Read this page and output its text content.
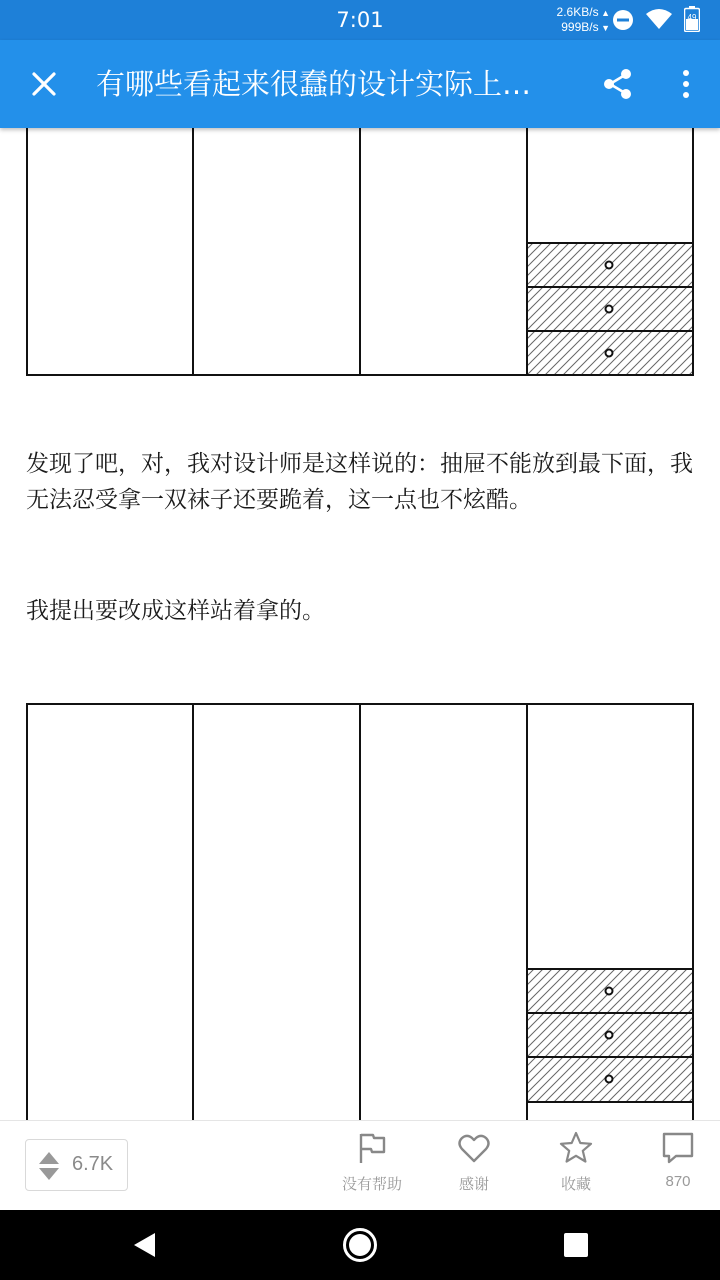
7:01	2.6KB/s ▲
999B/s ▼
49
有哪些看起来很蠢的设计实际上…

发现了吧，对，我对设计师是这样说的：抽屉不能放到最下面，我无法忍受拿一双袜子还要跪着，这一点也不炫酷。

我提出要改成这样站着拿的。

6.7K
没有帮助	感谢	收藏	870
